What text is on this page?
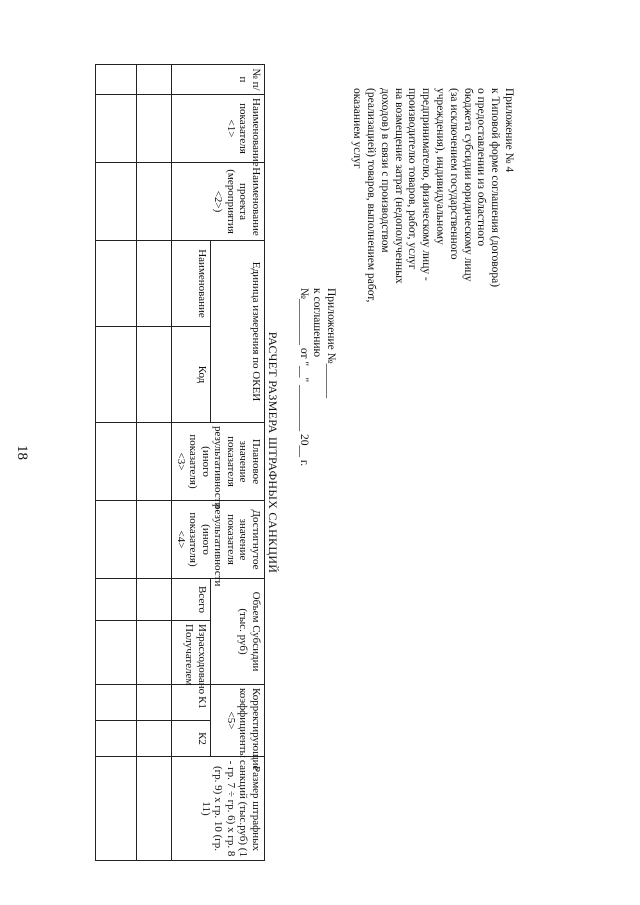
18
Приложение № 4
к Типовой форме соглашения (договора)
о предоставлении из областного
бюджета субсидии юридическому лицу
(за исключением государственного
учреждения), индивидуальному
предпринимателю, физическому лицу -
производителю товаров, работ, услуг
на возмещение затрат (недополученных
доходов) в связи с производством
(реализацией) товаров, выполнением работ,
оказанием услуг
Приложение №______
к соглашению
№________ от "__" ________ 20__ г.
РАСЧЕТ РАЗМЕРА ШТРАФНЫХ САНКЦИЙ
№ п/п	Наименование показателя <1>	Наименование проекта (мероприятия <2>)	Единица измерения по ОКЕИ		Плановое значение показателя результативности (иного показателя) <3>	Достигнутое значение показателя результативности (иного показателя) <4>	Объем Субсидии (тыс. руб)		Корректирующие коэффициенты <5>		Размер штрафных санкций (тыс.руб) (1 - гр. 7 ÷ гр. 6) х гр. 8 (гр. 9) х гр. 10 (гр. 11)
			Наименование	Код			Всего	Израсходовано Получателем	К1	К2	
